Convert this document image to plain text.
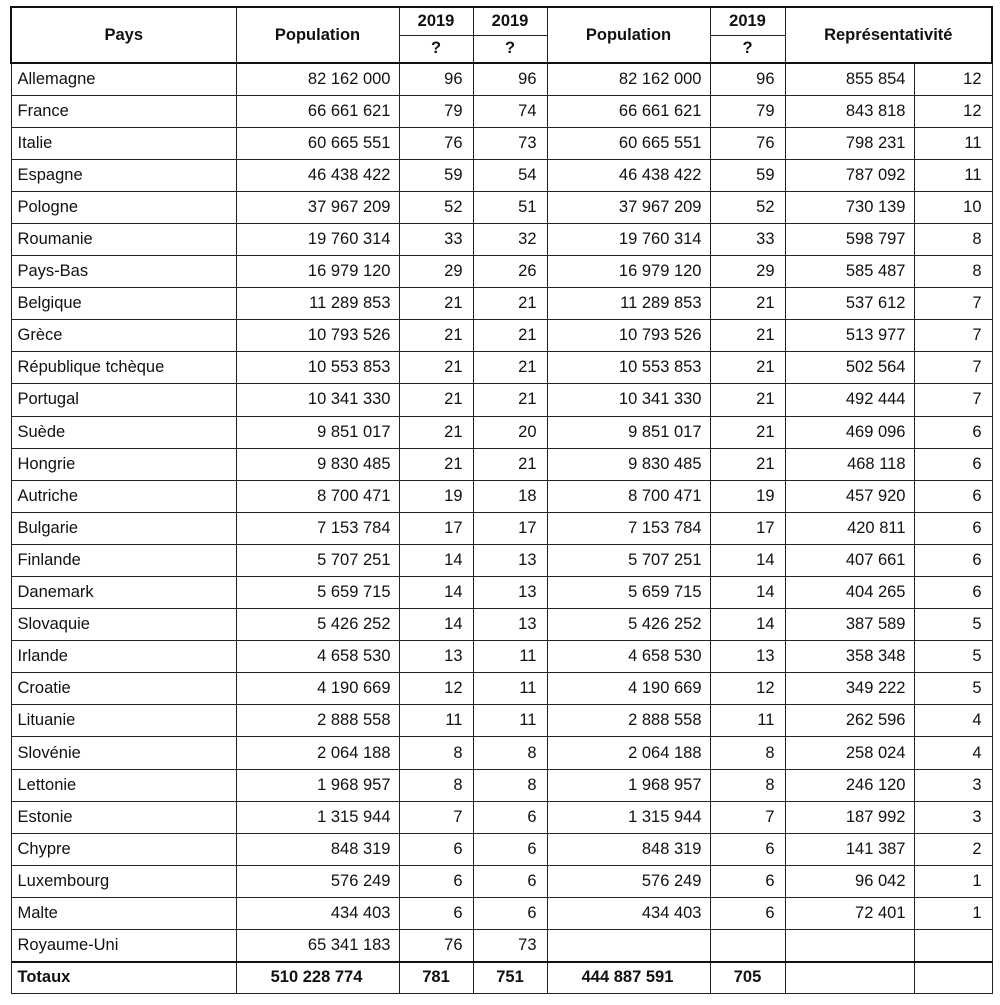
Pays	Population	2019	2019	Population	2019	Représentativité	
		?	?		?		
Allemagne	82 162 000	96	96	82 162 000	96	855 854	12
France	66 661 621	79	74	66 661 621	79	843 818	12
Italie	60 665 551	76	73	60 665 551	76	798 231	11
Espagne	46 438 422	59	54	46 438 422	59	787 092	11
Pologne	37 967 209	52	51	37 967 209	52	730 139	10
Roumanie	19 760 314	33	32	19 760 314	33	598 797	8
Pays-Bas	16 979 120	29	26	16 979 120	29	585 487	8
Belgique	11 289 853	21	21	11 289 853	21	537 612	7
Grèce	10 793 526	21	21	10 793 526	21	513 977	7
République tchèque	10 553 853	21	21	10 553 853	21	502 564	7
Portugal	10 341 330	21	21	10 341 330	21	492 444	7
Suède	9 851 017	21	20	9 851 017	21	469 096	6
Hongrie	9 830 485	21	21	9 830 485	21	468 118	6
Autriche	8 700 471	19	18	8 700 471	19	457 920	6
Bulgarie	7 153 784	17	17	7 153 784	17	420 811	6
Finlande	5 707 251	14	13	5 707 251	14	407 661	6
Danemark	5 659 715	14	13	5 659 715	14	404 265	6
Slovaquie	5 426 252	14	13	5 426 252	14	387 589	5
Irlande	4 658 530	13	11	4 658 530	13	358 348	5
Croatie	4 190 669	12	11	4 190 669	12	349 222	5
Lituanie	2 888 558	11	11	2 888 558	11	262 596	4
Slovénie	2 064 188	8	8	2 064 188	8	258 024	4
Lettonie	1 968 957	8	8	1 968 957	8	246 120	3
Estonie	1 315 944	7	6	1 315 944	7	187 992	3
Chypre	848 319	6	6	848 319	6	141 387	2
Luxembourg	576 249	6	6	576 249	6	96 042	1
Malte	434 403	6	6	434 403	6	72 401	1
Royaume-Uni	65 341 183	76	73				
Totaux	510 228 774	781	751	444 887 591	705		
